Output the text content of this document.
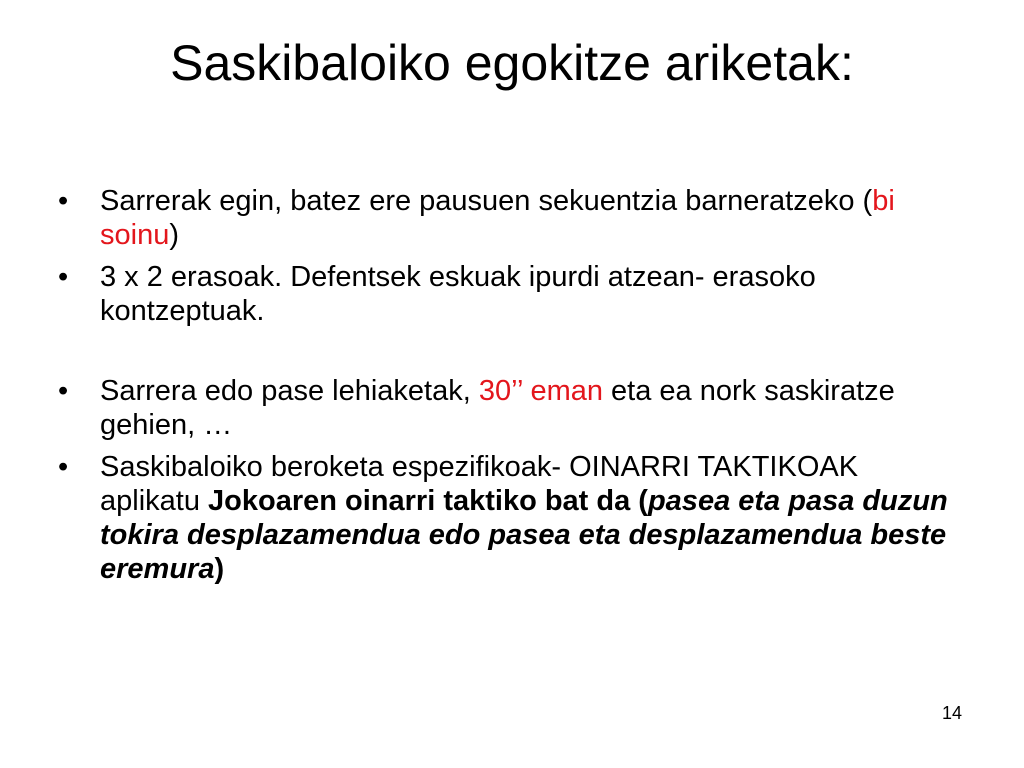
Saskibaloiko egokitze ariketak:
•	Sarrerak egin, batez ere pausuen sekuentzia barneratzeko (bi soinu)
•	3 x 2 erasoak. Defentsek eskuak ipurdi atzean- erasoko kontzeptuak.
•	Sarrera edo pase lehiaketak, 30’’ eman eta ea nork saskiratze gehien, …
•	Saskibaloiko beroketa espezifikoak- OINARRI TAKTIKOAK aplikatu Jokoaren oinarri taktiko bat da (pasea eta pasa duzun tokira desplazamendua edo pasea eta desplazamendua beste eremura)
14
